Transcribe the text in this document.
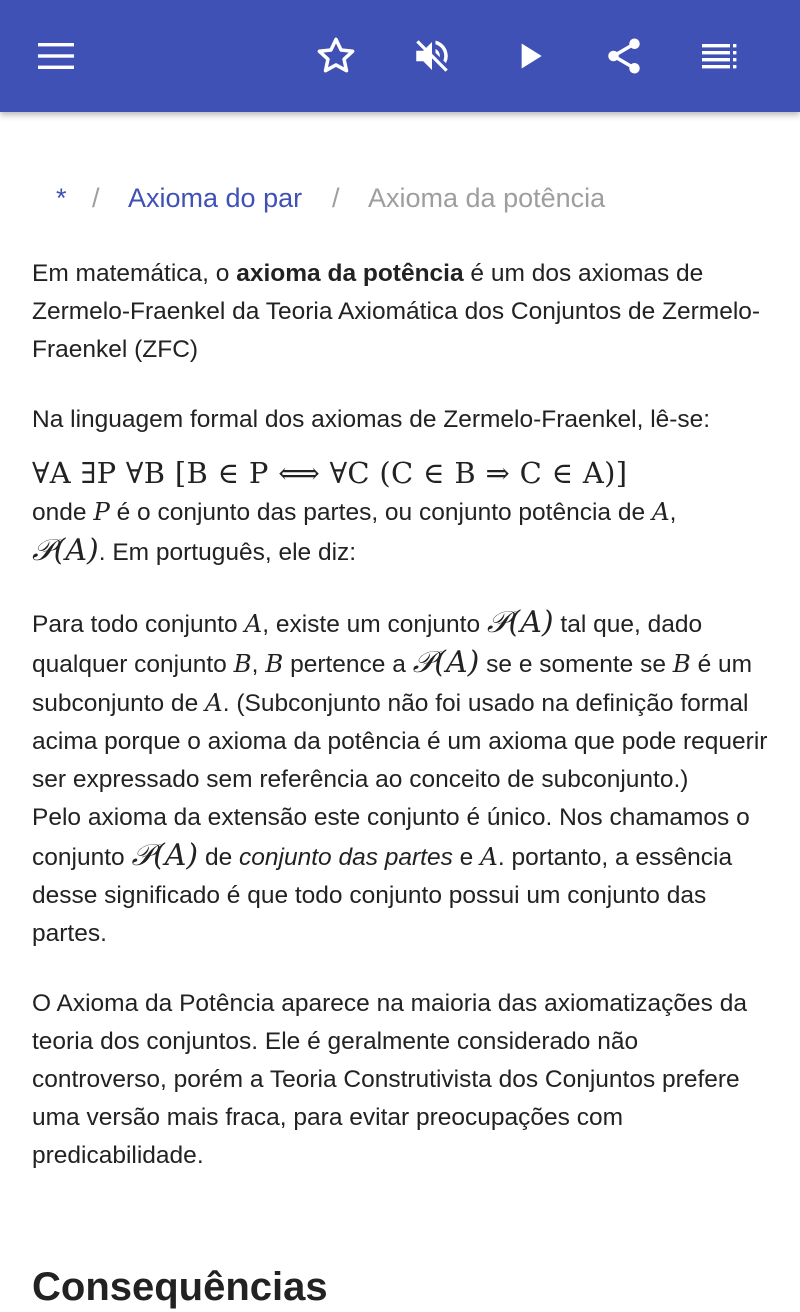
* / Axioma do par / Axioma da potência

Em matemática, o axioma da potência é um dos axiomas de Zermelo-Fraenkel da Teoria Axiomática dos Conjuntos de Zermelo-Fraenkel (ZFC)

Na linguagem formal dos axiomas de Zermelo-Fraenkel, lê-se:

∀A ∃P ∀B [B ∈ P ⟺ ∀C (C ∈ B ⇒ C ∈ A)]

onde P é o conjunto das partes, ou conjunto potência de A,
𝒫(A). Em português, ele diz:

Para todo conjunto A, existe um conjunto 𝒫(A) tal que, dado qualquer conjunto B, B pertence a 𝒫(A) se e somente se B é um subconjunto de A. (Subconjunto não foi usado na definição formal acima porque o axioma da potência é um axioma que pode requerir ser expressado sem referência ao conceito de subconjunto.)

Pelo axioma da extensão este conjunto é único. Nos chamamos o conjunto 𝒫(A) de conjunto das partes e A. portanto, a essência desse significado é que todo conjunto possui um conjunto das partes.

O Axioma da Potência aparece na maioria das axiomatizações da teoria dos conjuntos. Ele é geralmente considerado não controverso, porém a Teoria Construtivista dos Conjuntos prefere uma versão mais fraca, para evitar preocupações com predicabilidade.

Consequências
